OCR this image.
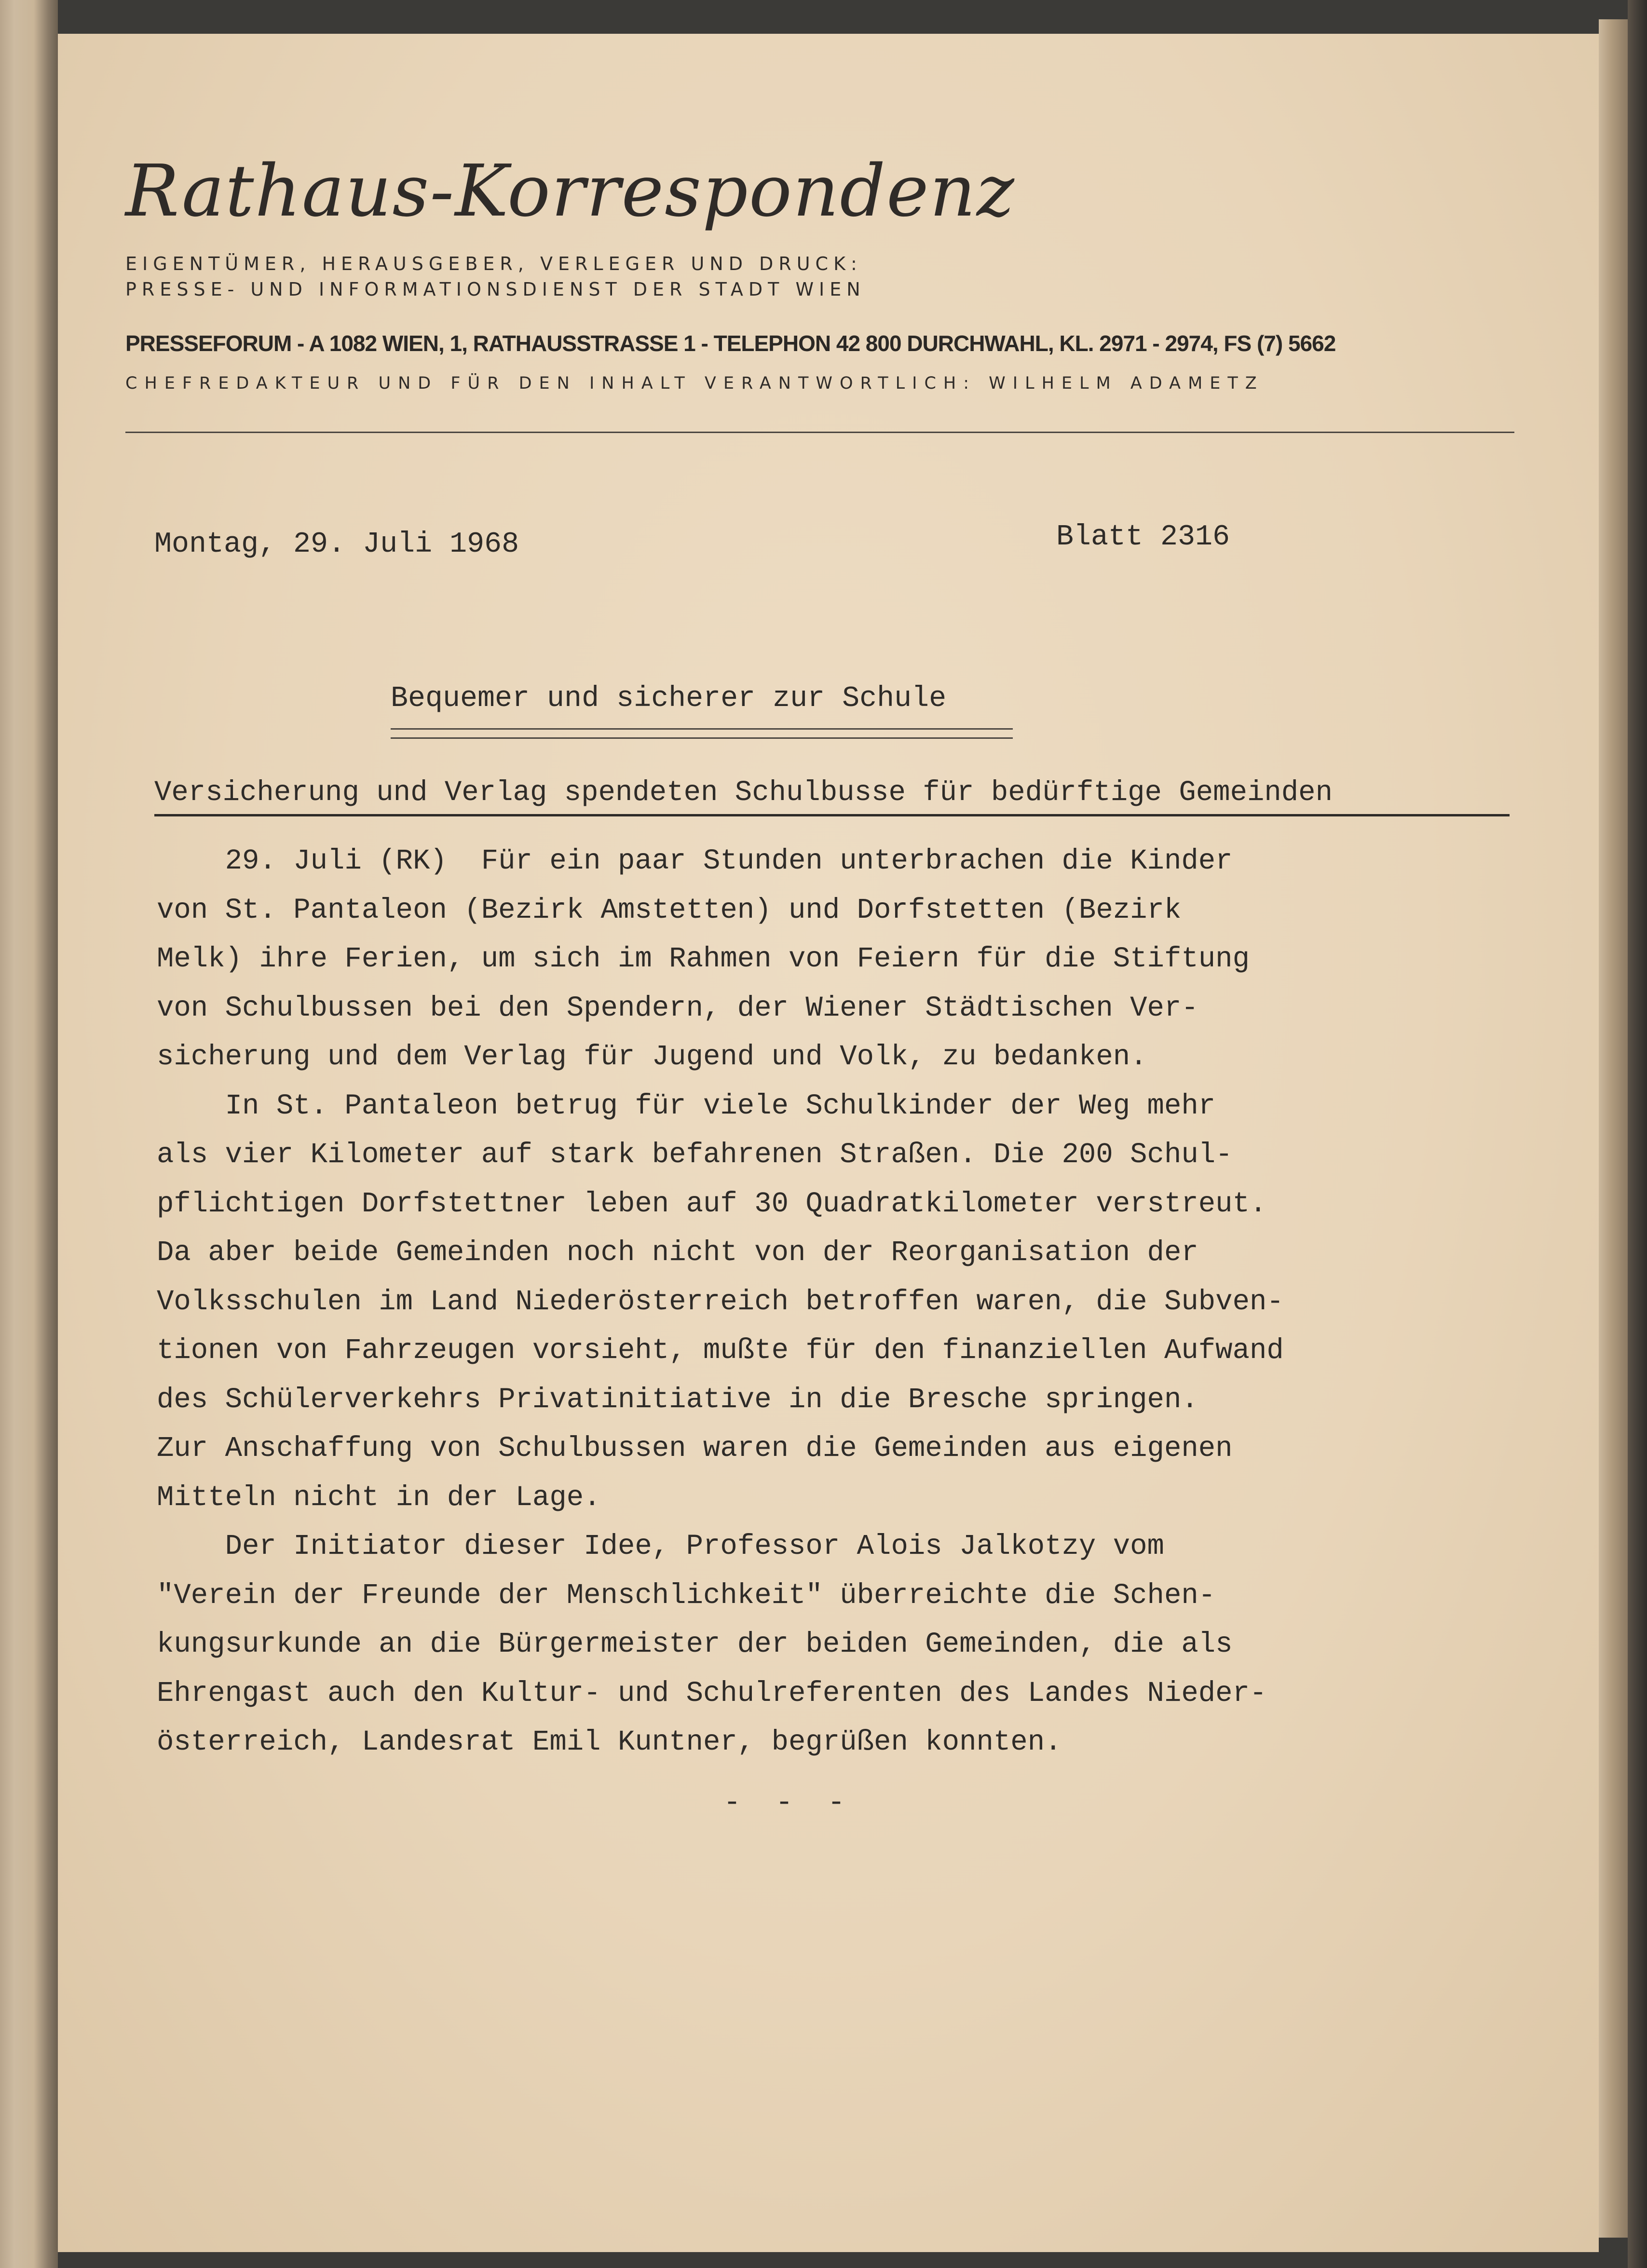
Rathaus-Korrespondenz
EIGENTÜMER, HERAUSGEBER, VERLEGER UND DRUCK:
PRESSE- UND INFORMATIONSDIENST DER STADT WIEN
PRESSEFORUM - A 1082 WIEN, 1, RATHAUSSTRASSE 1 - TELEPHON 42 800 DURCHWAHL, KL. 2971 - 2974, FS (7) 5662
CHEFREDAKTEUR UND FÜR DEN INHALT VERANTWORTLICH: WILHELM ADAMETZ
Montag, 29. Juli 1968	Blatt 2316
Bequemer und sicherer zur Schule
Versicherung und Verlag spendeten Schulbusse für bedürftige Gemeinden
29. Juli (RK)  Für ein paar Stunden unterbrachen die Kinder
von St. Pantaleon (Bezirk Amstetten) und Dorfstetten (Bezirk
Melk) ihre Ferien, um sich im Rahmen von Feiern für die Stiftung
von Schulbussen bei den Spendern, der Wiener Städtischen Ver-
sicherung und dem Verlag für Jugend und Volk, zu bedanken.
In St. Pantaleon betrug für viele Schulkinder der Weg mehr
als vier Kilometer auf stark befahrenen Straßen. Die 200 Schul-
pflichtigen Dorfstettner leben auf 30 Quadratkilometer verstreut.
Da aber beide Gemeinden noch nicht von der Reorganisation der
Volksschulen im Land Niederösterreich betroffen waren, die Subven-
tionen von Fahrzeugen vorsieht, mußte für den finanziellen Aufwand
des Schülerverkehrs Privatinitiative in die Bresche springen.
Zur Anschaffung von Schulbussen waren die Gemeinden aus eigenen
Mitteln nicht in der Lage.
Der Initiator dieser Idee, Professor Alois Jalkotzy vom
"Verein der Freunde der Menschlichkeit" überreichte die Schen-
kungsurkunde an die Bürgermeister der beiden Gemeinden, die als
Ehrengast auch den Kultur- und Schulreferenten des Landes Nieder-
österreich, Landesrat Emil Kuntner, begrüßen konnten.
- - -
